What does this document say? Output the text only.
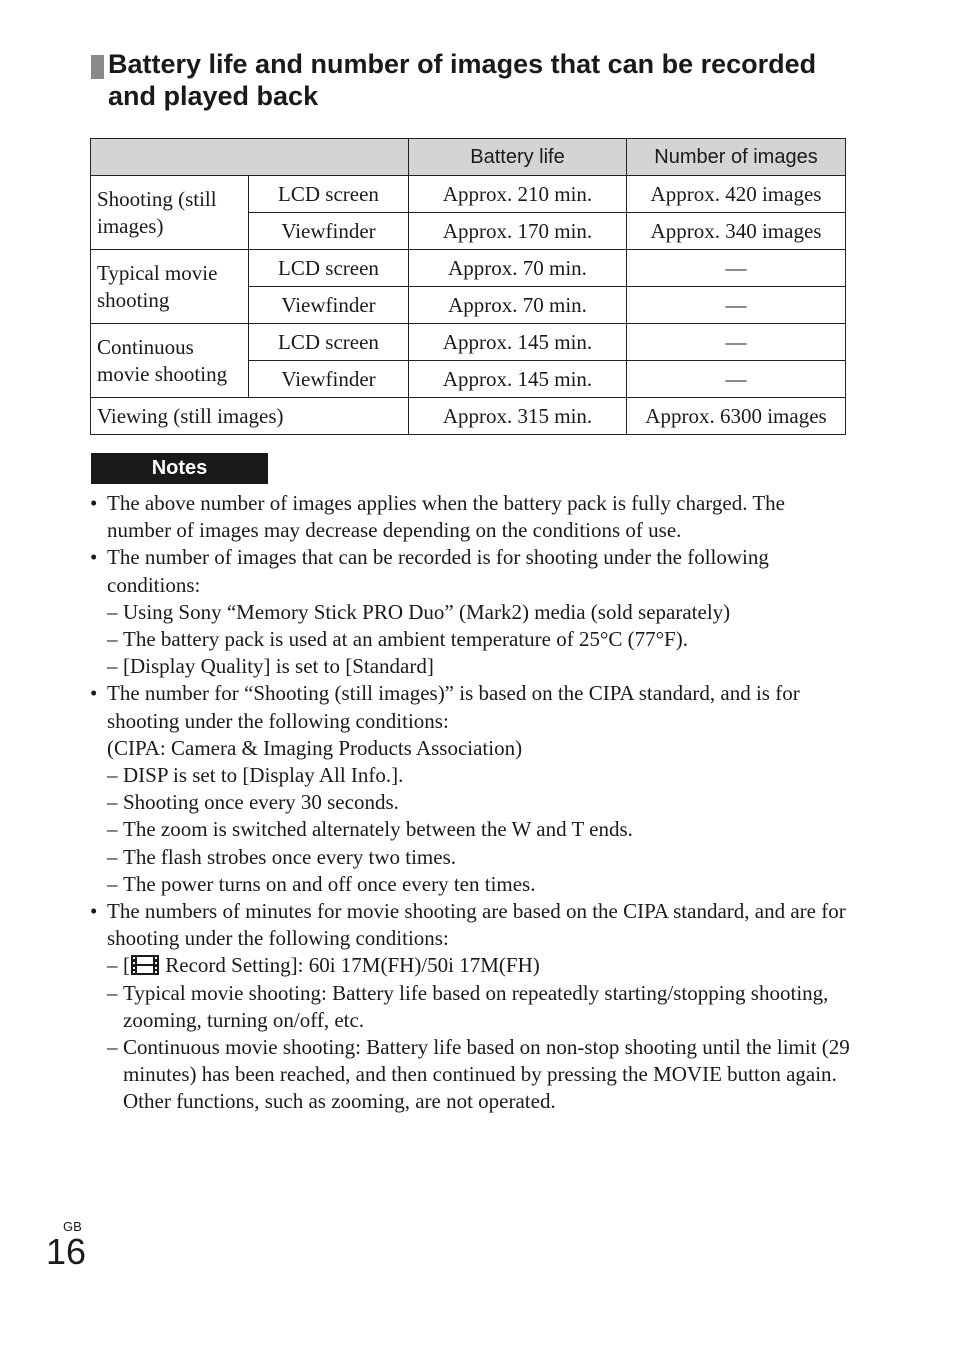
Battery life and number of images that can be recorded and played back
		Battery life	Number of images
Shooting (still images)	LCD screen	Approx. 210 min.	Approx. 420 images
	Viewfinder	Approx. 170 min.	Approx. 340 images
Typical movie shooting	LCD screen	Approx. 70 min.	—
	Viewfinder	Approx. 70 min.	—
Continuous movie shooting	LCD screen	Approx. 145 min.	—
	Viewfinder	Approx. 145 min.	—
Viewing (still images)		Approx. 315 min.	Approx. 6300 images
Notes
• The above number of images applies when the battery pack is fully charged. The number of images may decrease depending on the conditions of use.
• The number of images that can be recorded is for shooting under the following conditions:
– Using Sony “Memory Stick PRO Duo” (Mark2) media (sold separately)
– The battery pack is used at an ambient temperature of 25°C (77°F).
– [Display Quality] is set to [Standard]
• The number for “Shooting (still images)” is based on the CIPA standard, and is for shooting under the following conditions:
(CIPA: Camera & Imaging Products Association)
– DISP is set to [Display All Info.].
– Shooting once every 30 seconds.
– The zoom is switched alternately between the W and T ends.
– The flash strobes once every two times.
– The power turns on and off once every ten times.
• The numbers of minutes for movie shooting are based on the CIPA standard, and are for shooting under the following conditions:
– [ Record Setting]: 60i 17M(FH)/50i 17M(FH)
– Typical movie shooting: Battery life based on repeatedly starting/stopping shooting, zooming, turning on/off, etc.
– Continuous movie shooting: Battery life based on non-stop shooting until the limit (29 minutes) has been reached, and then continued by pressing the MOVIE button again. Other functions, such as zooming, are not operated.
GB
16
